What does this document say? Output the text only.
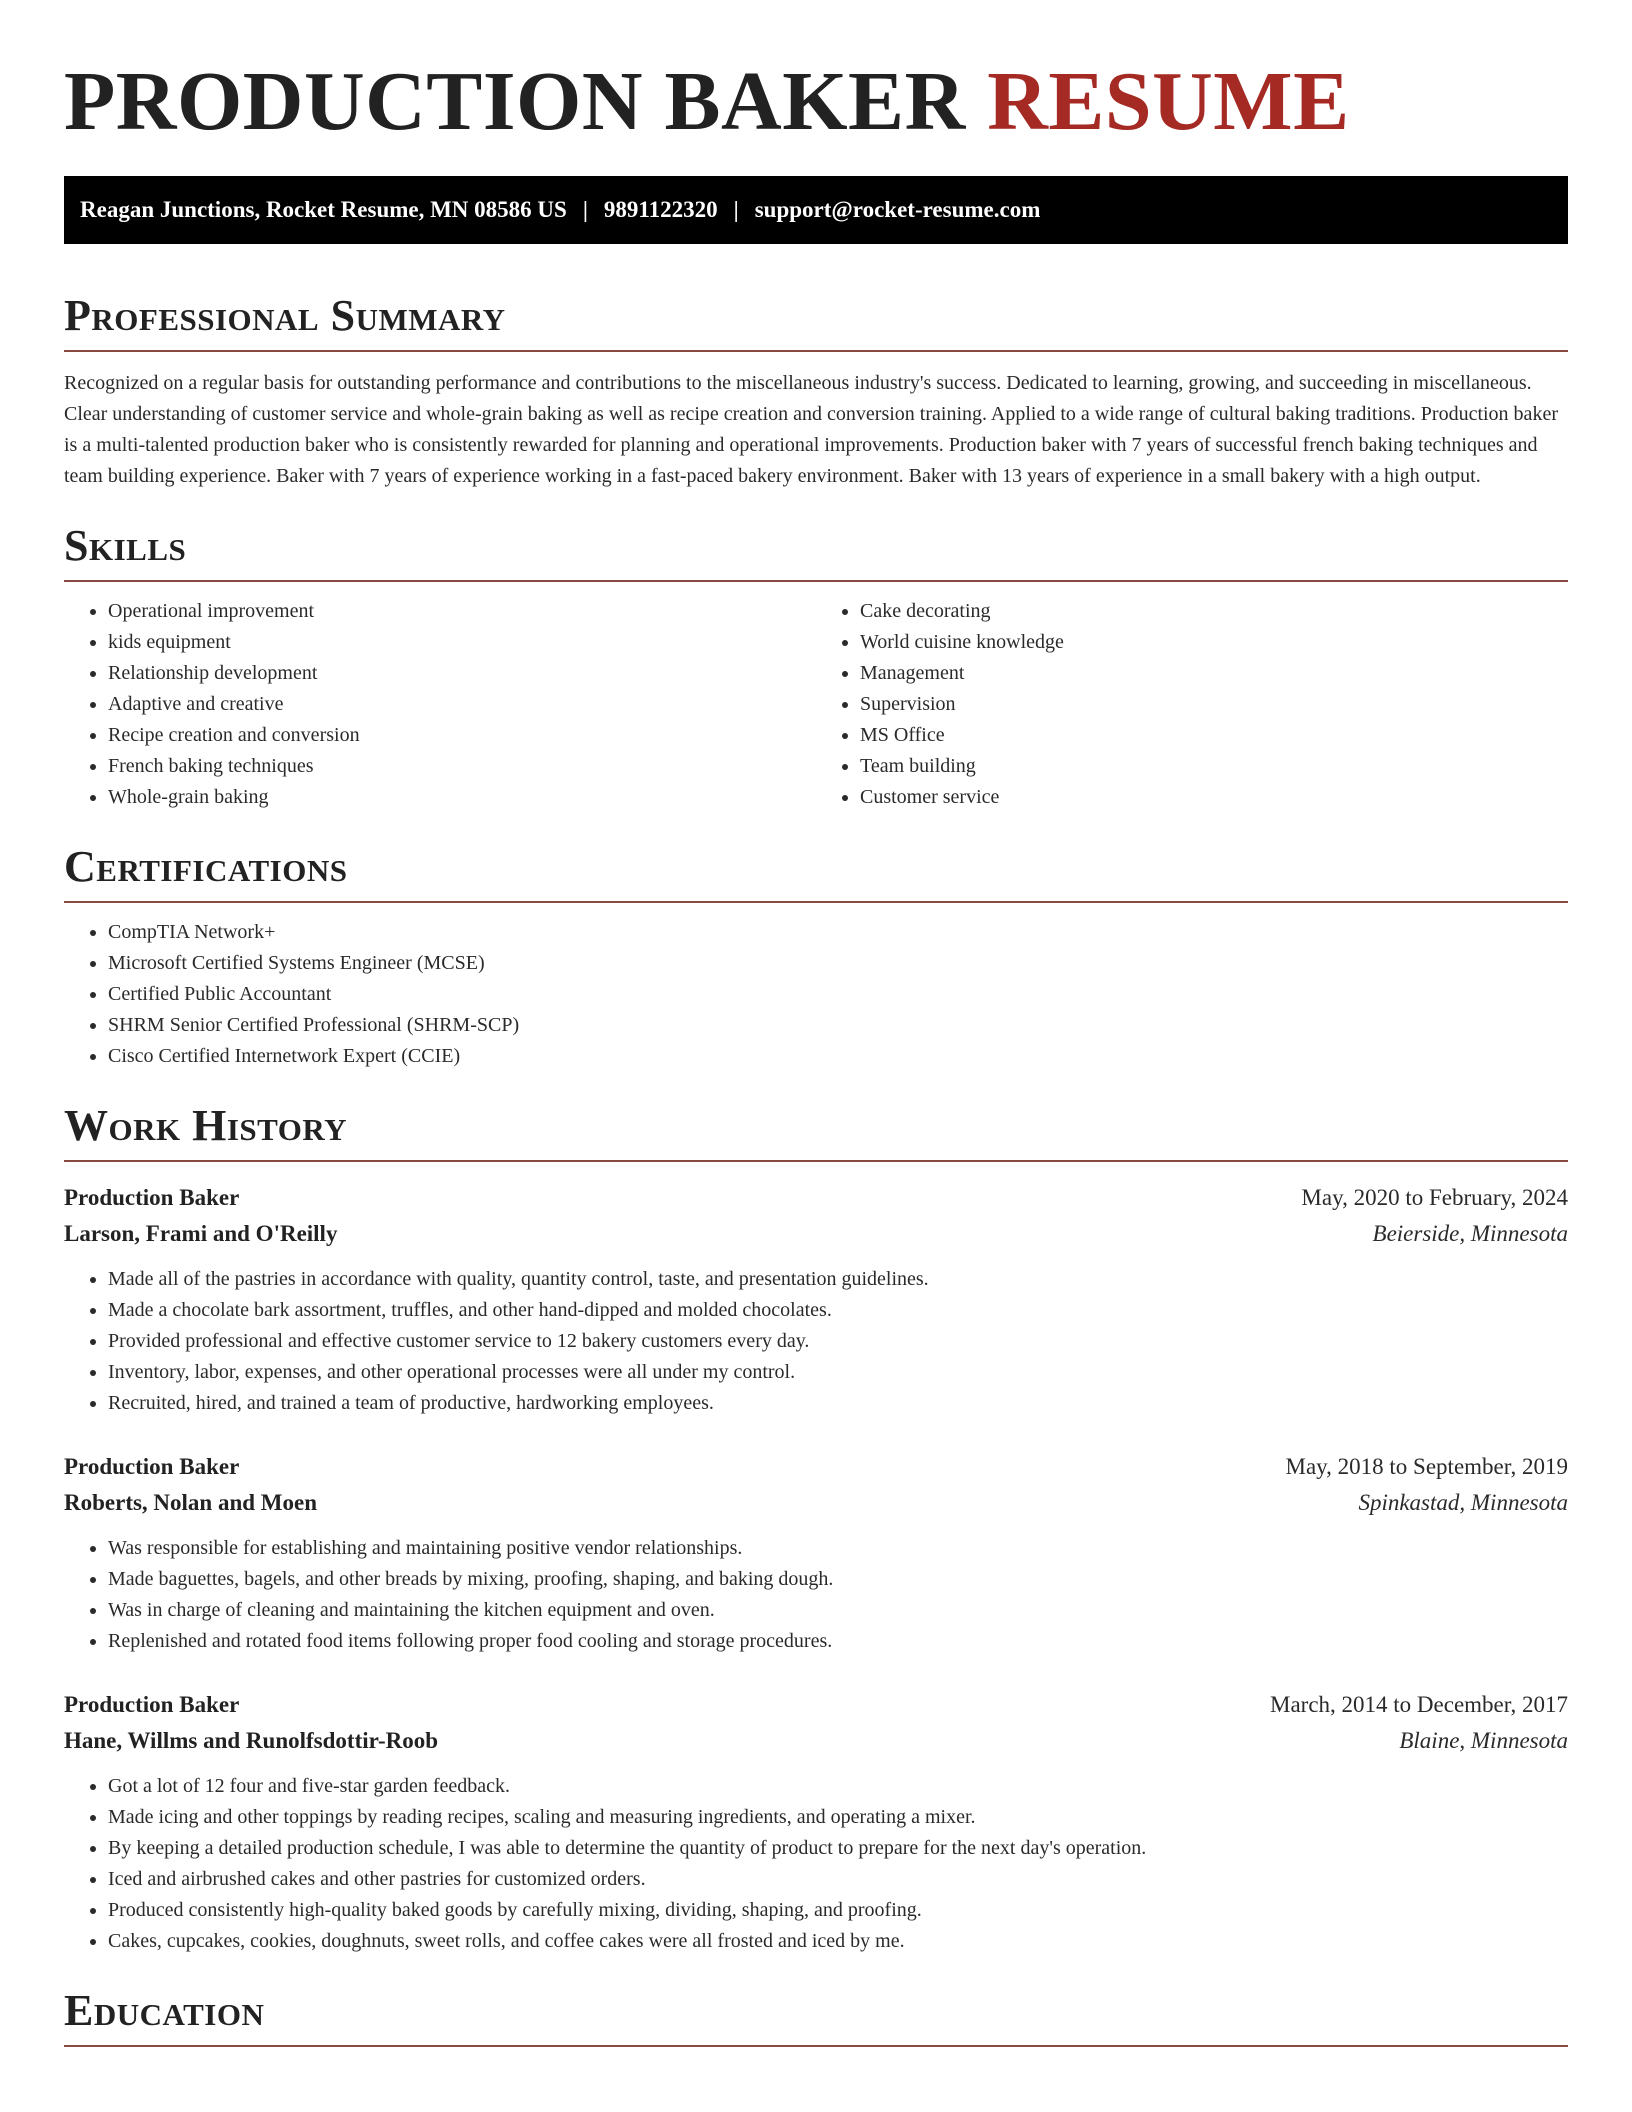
PRODUCTION BAKER RESUME
Reagan Junctions, Rocket Resume, MN 08586 US | 9891122320 | support@rocket-resume.com
Professional Summary

Recognized on a regular basis for outstanding performance and contributions to the miscellaneous industry's success. Dedicated to learning, growing, and succeeding in miscellaneous. Clear understanding of customer service and whole-grain baking as well as recipe creation and conversion training. Applied to a wide range of cultural baking traditions. Production baker is a multi-talented production baker who is consistently rewarded for planning and operational improvements. Production baker with 7 years of successful french baking techniques and team building experience. Baker with 7 years of experience working in a fast-paced bakery environment. Baker with 13 years of experience in a small bakery with a high output.

Skills
• Operational improvement
• kids equipment
• Relationship development
• Adaptive and creative
• Recipe creation and conversion
• French baking techniques
• Whole-grain baking
• Cake decorating
• World cuisine knowledge
• Management
• Supervision
• MS Office
• Team building
• Customer service
Certifications
• CompTIA Network+
• Microsoft Certified Systems Engineer (MCSE)
• Certified Public Accountant
• SHRM Senior Certified Professional (SHRM-SCP)
• Cisco Certified Internetwork Expert (CCIE)
Work History
Production Baker	May, 2020 to February, 2024
Larson, Frami and O'Reilly	Beierside, Minnesota
• Made all of the pastries in accordance with quality, quantity control, taste, and presentation guidelines.
• Made a chocolate bark assortment, truffles, and other hand-dipped and molded chocolates.
• Provided professional and effective customer service to 12 bakery customers every day.
• Inventory, labor, expenses, and other operational processes were all under my control.
• Recruited, hired, and trained a team of productive, hardworking employees.
Production Baker	May, 2018 to September, 2019
Roberts, Nolan and Moen	Spinkastad, Minnesota
• Was responsible for establishing and maintaining positive vendor relationships.
• Made baguettes, bagels, and other breads by mixing, proofing, shaping, and baking dough.
• Was in charge of cleaning and maintaining the kitchen equipment and oven.
• Replenished and rotated food items following proper food cooling and storage procedures.
Production Baker	March, 2014 to December, 2017
Hane, Willms and Runolfsdottir-Roob	Blaine, Minnesota
• Got a lot of 12 four and five-star garden feedback.
• Made icing and other toppings by reading recipes, scaling and measuring ingredients, and operating a mixer.
• By keeping a detailed production schedule, I was able to determine the quantity of product to prepare for the next day's operation.
• Iced and airbrushed cakes and other pastries for customized orders.
• Produced consistently high-quality baked goods by carefully mixing, dividing, shaping, and proofing.
• Cakes, cupcakes, cookies, doughnuts, sweet rolls, and coffee cakes were all frosted and iced by me.
Education
